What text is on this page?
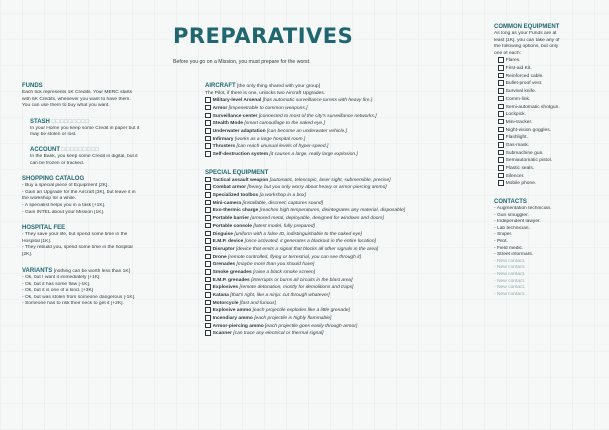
PREPARATIVES
Before you go on a Mission, you must prepare for the worst.
FUNDS
Each tick represents 1K Credits. Your MERC starts
with 6K Credits, whenever you want to have them.
You can use them to buy what you want.
STASH □□□□□□□□□
In your Home you keep some Credit in paper but it
may be stolen or lost.
ACCOUNT □□□□□□□□□
In the Bank, you keep some Credit in digital, but it
can be frozen or tracked.
SHOPPING CATALOG
- Buy a special piece of Equipment [2K].
- Gain an Upgrade for the Aircraft [3K], but leave it in
the workshop for a while.
- A specialist helps you in a task [+1K].
- Gain INTEL about your Mission [1K].
HOSPITAL FEE
- They save your life, but spend some time in the
Hospital [1K].
- They rebuild you, spend some time in the hospital
[2K].
VARIANTS [nothing can be worth less than 1K]
- Ok, but I want it immediately [+1K].
- Ok, but it has some flaw [-1K].
- Ok, but it is one of a kind. [+3K]
- Ok, but was stolen from someone dangerous [-1K].
- Someone has to risk their neck to get it [+2K].
AIRCRAFT [the only thing shared with your group]
The Pilot, if there is one, unlocks two Aircraft Upgrades.
Military-level Arsenal [has automatic surveillance turrets with heavy fire.]
Armor [impenetrable to common weapons.]
Surveillance center [connected to most of the city's surveillance networks.]
Stealth Mode [smart camouflage to the naked eye.]
Underwater adaptation [can become an underwater vehicle.]
Infirmary [works as a large hospital room.]
Thrusters [can reach unusual levels of hyper-speed.]
Self-destruction system [it causes a large, really large explosion.]
SPECIAL EQUIPMENT
Tactical assault weapon [automatic, telescopic, laser sight, submersible, precise]
Combat armor [heavy, but you only worry about heavy or armor-piercing ammo]
Specialized toolbox [a workshop in a box]
Mini-camera [installable, discreet, captures sound]
Exo-thermic charge [reaches high temperatures, disintegrates any material, disposable]
Portable barrier [armored metal, deployable, designed for windows and doors]
Portable console [latest model, fully prepared]
Disguise [uniform with a false ID, indistinguishable to the naked eye]
E.M.P. device [once activated, it generates a blackout in the entire location]
Disruptor [device that emits a signal that blocks all other signals in the area]
Drone [remote controlled, flying or terrestrial, you can see through it]
Grenades [maybe more than you should have]
Smoke grenades [raise a black smoke screen]
E.M.P. grenades [interrupts or burns all circuits in the blast area]
Explosives [remote detonation, mostly for demolitions and traps]
Katana [that's right, like a ninja: cut through whatever]
Motorcycle [fast and furious]
Explosive ammo [each projectile explodes like a little grenade]
Incendiary ammo [each projectile is highly flammable]
Armor-piercing ammo [each projectile goes easily through armor]
Scanner [can trace any electrical or thermal signal]
COMMON EQUIPMENT
As long as your Funds are at
least [1K], you can take any of
the following options, but only
one of each:
Flares.
First-aid Kit.
Reinforced cable.
Bullet-proof vest.
Survival knife.
Comm-link.
Semi-automatic shotgun.
Lockpick.
Mini-tracker.
Night-vision goggles.
Flashlight.
Gas-mask.
Submachine gun.
Semiautomatic pistol.
Plastic seals.
Silencer.
Mobile phone.
CONTACTS
- Augmentation technician.
- Gun smuggler.
- Independent lawyer.
- Lab technician.
- Sniper.
- Pilot.
- Field medic.
- Street informant.
- New contact.
- New contact.
- New contact.
- New contact.
- New contact.
- New contact.
